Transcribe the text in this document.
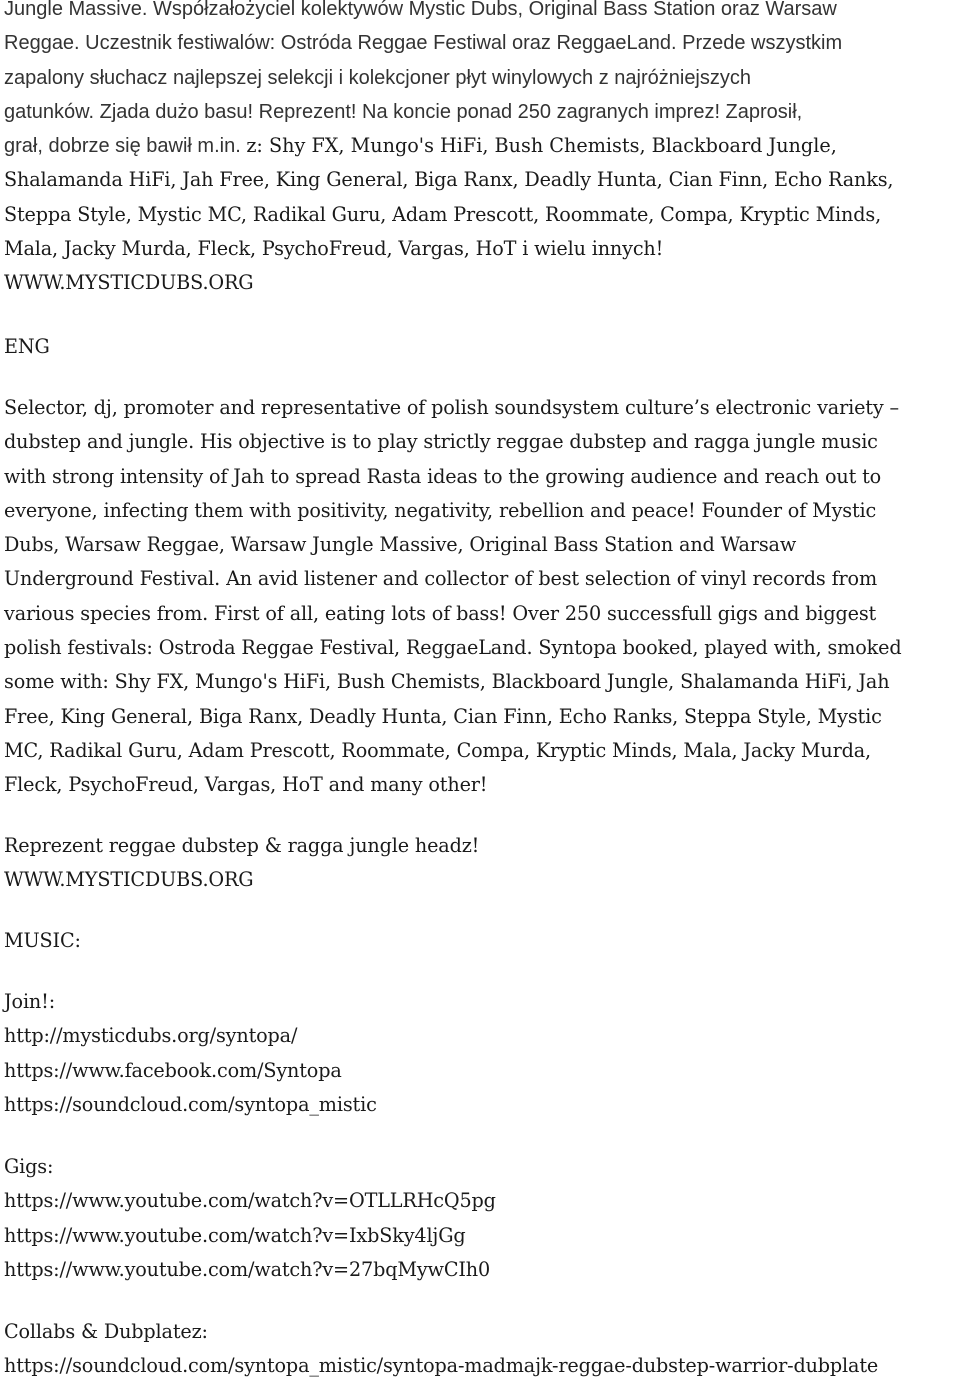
Jungle Massive. Współzałożyciel kolektywów Mystic Dubs, Original Bass Station oraz Warsaw
Reggae. Uczestnik festiwalów: Ostróda Reggae Festiwal oraz ReggaeLand. Przede wszystkim
zapalony słuchacz najlepszej selekcji i kolekcjoner płyt winylowych z najróżniejszych
gatunków. Zjada dużo basu! Reprezent! Na koncie ponad 250 zagranych imprez! Zaprosił,
grał, dobrze się bawił m.in. z: Shy FX, Mungo's HiFi, Bush Chemists, Blackboard Jungle,
Shalamanda HiFi, Jah Free, King General, Biga Ranx, Deadly Hunta, Cian Finn, Echo Ranks,
Steppa Style, Mystic MC, Radikal Guru, Adam Prescott, Roommate, Compa, Kryptic Minds,
Mala, Jacky Murda, Fleck, PsychoFreud, Vargas, HoT i wielu innych!
WWW.MYSTICDUBS.ORG
ENG
Selector, dj, promoter and representative of polish soundsystem culture’s electronic variety –
dubstep and jungle. His objective is to play strictly reggae dubstep and ragga jungle music
with strong intensity of Jah to spread Rasta ideas to the growing audience and reach out to
everyone, infecting them with positivity, negativity, rebellion and peace! Founder of Mystic
Dubs, Warsaw Reggae, Warsaw Jungle Massive, Original Bass Station and Warsaw
Underground Festival. An avid listener and collector of best selection of vinyl records from
various species from. First of all, eating lots of bass! Over 250 successfull gigs and biggest
polish festivals: Ostroda Reggae Festival, ReggaeLand. Syntopa booked, played with, smoked
some with: Shy FX, Mungo's HiFi, Bush Chemists, Blackboard Jungle, Shalamanda HiFi, Jah
Free, King General, Biga Ranx, Deadly Hunta, Cian Finn, Echo Ranks, Steppa Style, Mystic
MC, Radikal Guru, Adam Prescott, Roommate, Compa, Kryptic Minds, Mala, Jacky Murda,
Fleck, PsychoFreud, Vargas, HoT and many other!
Reprezent reggae dubstep & ragga jungle headz!
WWW.MYSTICDUBS.ORG
MUSIC:
Join!:
http://mysticdubs.org/syntopa/
https://www.facebook.com/Syntopa
https://soundcloud.com/syntopa_mistic
Gigs:
https://www.youtube.com/watch?v=OTLLRHcQ5pg
https://www.youtube.com/watch?v=IxbSky4ljGg
https://www.youtube.com/watch?v=27bqMywCIh0
Collabs & Dubplatez:
https://soundcloud.com/syntopa_mistic/syntopa-madmajk-reggae-dubstep-warrior-dubplate
